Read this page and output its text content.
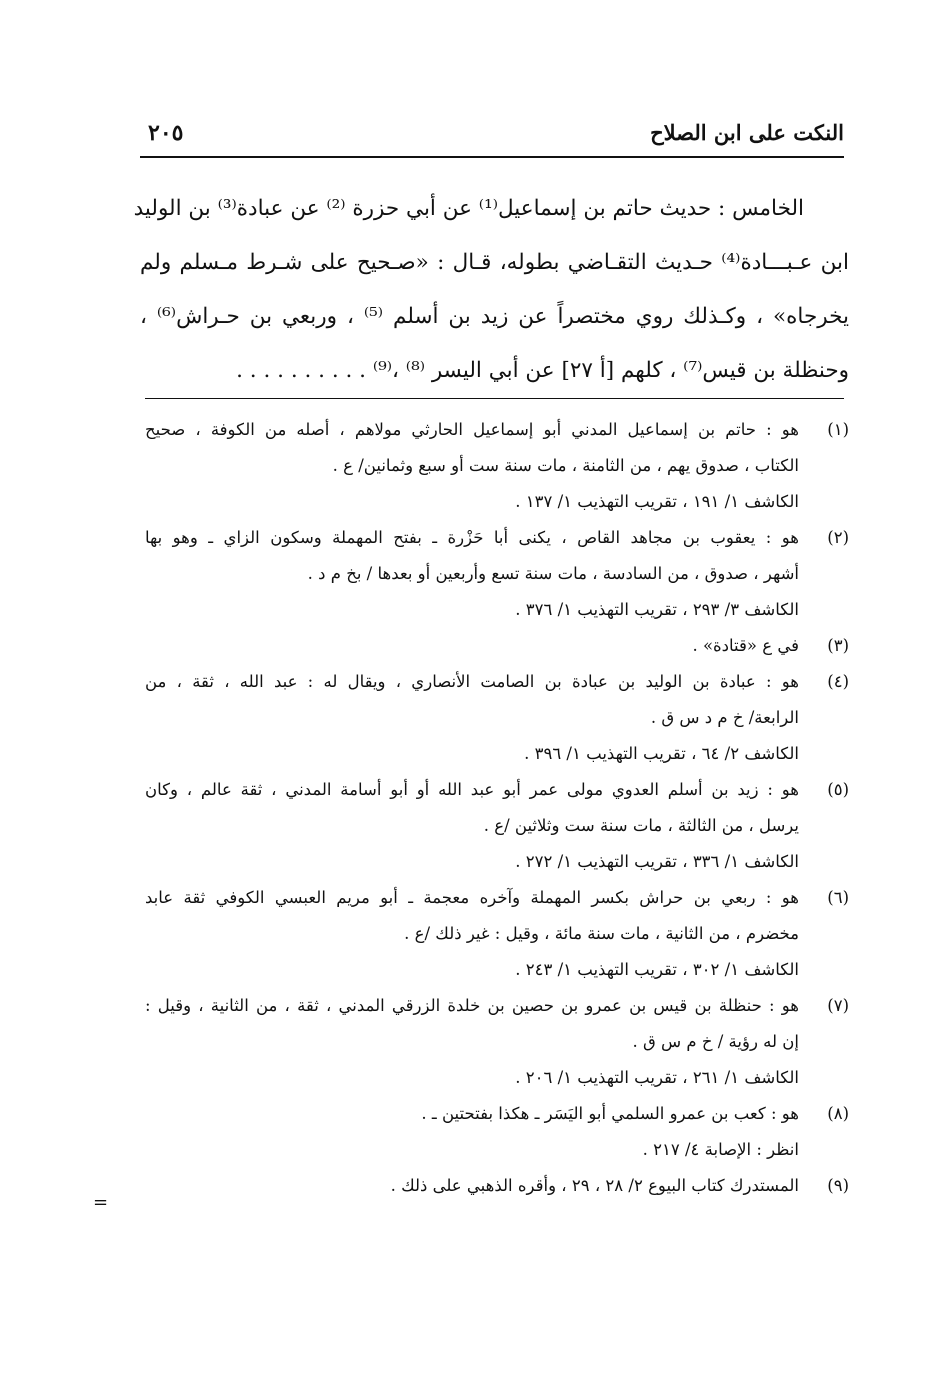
النكت على ابن الصلاح
٢٠٥
الخامس : حديث حاتم بن إسماعيل⁽¹⁾ عن أبي حزرة ⁽²⁾ عن عبادة⁽³⁾ بن الوليد
ابن عـبـــادة⁽⁴⁾ حـديث التقـاضي بطوله، قـال : «صـحيح على شـرط مـسلم ولم
يخرجاه» ، وكـذلك روي مختصراً عن زيد بن أسلم ⁽⁵⁾ ، وربعي بن حـراش⁽⁶⁾ ،
وحنظلة بن قيس⁽⁷⁾ ، كلهم [أ ٢٧] عن أبي اليسر ⁽⁸⁾ ،⁽⁹⁾ . . . . . . . . . .
(١)
هو : حاتم بن إسماعيل المدني أبو إسماعيل الحارثي مولاهم ، أصله من الكوفة ، صحيح
الكتاب ، صدوق يهم ، من الثامنة ، مات سنة ست أو سبع وثمانين/ ع .
الكاشف ١/ ١٩١ ، تقريب التهذيب ١/ ١٣٧ .
(٢)
هو : يعقوب بن مجاهد القاص ، يكنى أبا حَزْرة ـ بفتح المهملة وسكون الزاي ـ وهو بها
أشهر ، صدوق ، من السادسة ، مات سنة تسع وأربعين أو بعدها / بخ م د .
الكاشف ٣/ ٢٩٣ ، تقريب التهذيب ١/ ٣٧٦ .
(٣)
في ع «قتادة» .
(٤)
هو : عبادة بن الوليد بن عبادة بن الصامت الأنصاري ، ويقال له : عبد الله ، ثقة ، من
الرابعة/ خ م د س ق .
الكاشف ٢/ ٦٤ ، تقريب التهذيب ١/ ٣٩٦ .
(٥)
هو : زيد بن أسلم العدوي مولى عمر أبو عبد الله أو أبو أسامة المدني ، ثقة عالم ، وكان
يرسل ، من الثالثة ، مات سنة ست وثلاثين /ع .
الكاشف ١/ ٣٣٦ ، تقريب التهذيب ١/ ٢٧٢ .
(٦)
هو : ربعي بن حراش بكسر المهملة وآخره معجمة ـ أبو مريم العبسي الكوفي ثقة عابد
مخضرم ، من الثانية ، مات سنة مائة ، وقيل : غير ذلك /ع .
الكاشف ١/ ٣٠٢ ، تقريب التهذيب ١/ ٢٤٣ .
(٧)
هو : حنظلة بن قيس بن عمرو بن حصين بن خلدة الزرقي المدني ، ثقة ، من الثانية ، وقيل :
إن له رؤية / خ م س ق .
الكاشف ١/ ٢٦١ ، تقريب التهذيب ١/ ٢٠٦ .
(٨)
هو : كعب بن عمرو السلمي أبو اليَسَر ـ هكذا بفتحتين ـ .
انظر : الإصابة ٤/ ٢١٧ .
(٩)
المستدرك كتاب البيوع ٢/ ٢٨ ، ٢٩ ، وأقره الذهبي على ذلك .
=
